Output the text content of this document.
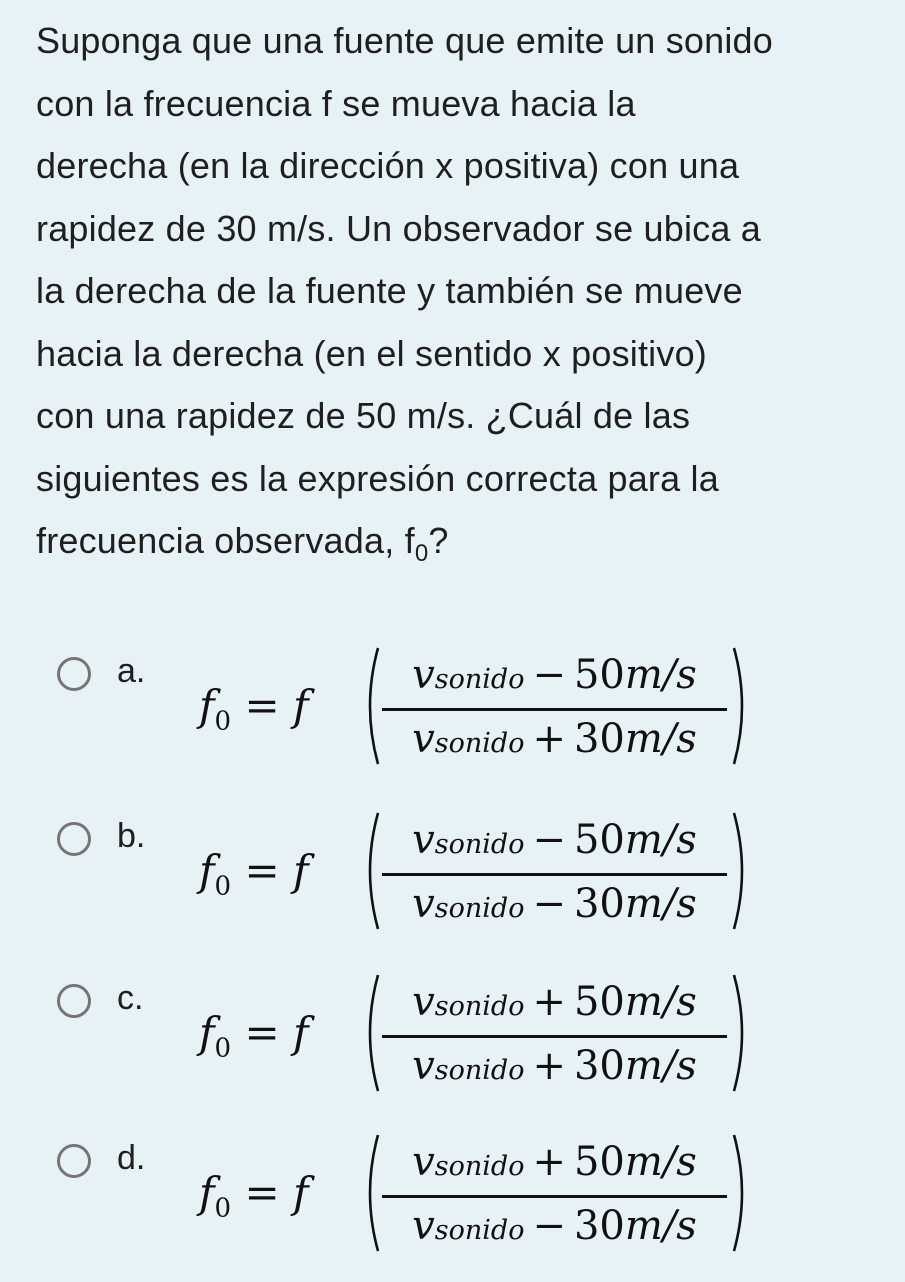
Suponga que una fuente que emite un sonido
con la frecuencia f se mueva hacia la
derecha (en la dirección x positiva) con una
rapidez de 30 m/s. Un observador se ubica a
la derecha de la fuente y también se mueve
hacia la derecha (en el sentido x positivo)
con una rapidez de 50 m/s. ¿Cuál de las
siguientes es la expresión correcta para la
frecuencia observada, $f_0$?
a.
$f_0 = f$
vsonido − 50m/s
vsonido + 30m/s
b.
$f_0 = f$
vsonido − 50m/s
vsonido − 30m/s
c.
$f_0 = f$
vsonido + 50m/s
vsonido + 30m/s
d.
$f_0 = f$
vsonido + 50m/s
vsonido − 30m/s
